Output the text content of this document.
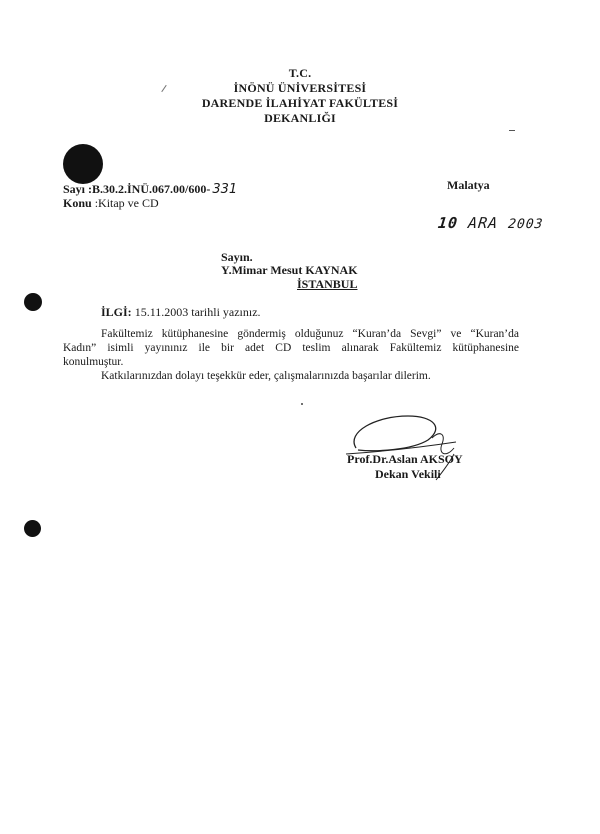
T.C.
İNÖNÜ ÜNİVERSİTESİ
DARENDE İLAHİYAT FAKÜLTESİ
DEKANLIĞI
Sayı :B.30.2.İNÜ.067.00/600- 331
Konu :Kitap ve CD
Malatya
10 ARA 2003
Sayın.
Y.Mimar Mesut KAYNAK
İSTANBUL
İLGİ: 15.11.2003 tarihli yazınız.
Fakültemiz kütüphanesine göndermiş olduğunuz “Kuran’da Sevgi” ve “Kuran’da
Kadın” isimli yayınınız ile bir adet CD teslim alınarak Fakültemiz kütüphanesine
konulmuştur.
Katkılarınızdan dolayı teşekkür eder, çalışmalarınızda başarılar dilerim.
Prof.Dr.Aslan AKSOY
Dekan Vekili
